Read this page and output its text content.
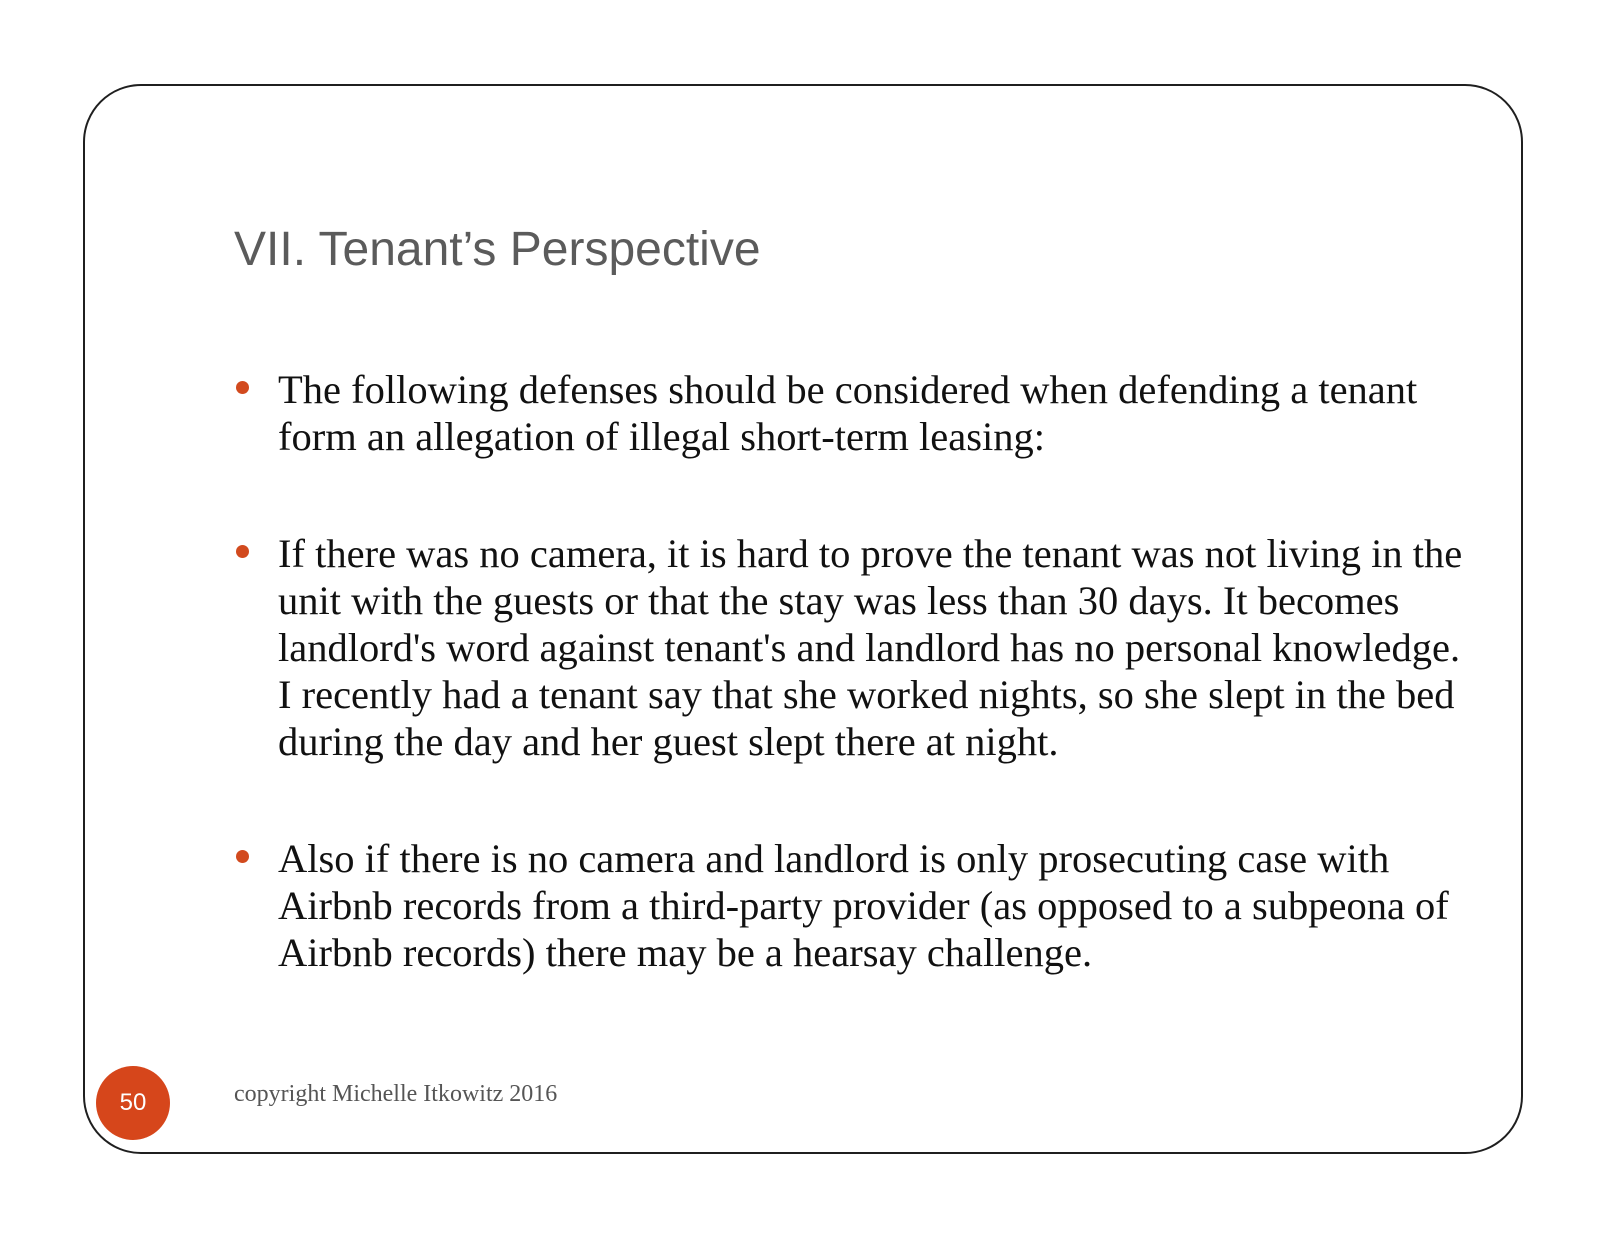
VII. Tenant’s Perspective
The following defenses should be considered when defending a tenant form an allegation of illegal short-term leasing:
If there was no camera, it is hard to prove the tenant was not living in the unit with the guests or that the stay was less than 30 days. It becomes landlord's word against tenant's and landlord has no personal knowledge. I recently had a tenant say that she worked nights, so she slept in the bed during the day and her guest slept there at night.
Also if there is no camera and landlord is only prosecuting case with Airbnb records from a third-party provider (as opposed to a subpeona of Airbnb records) there may be a hearsay challenge.
50	copyright Michelle Itkowitz 2016
